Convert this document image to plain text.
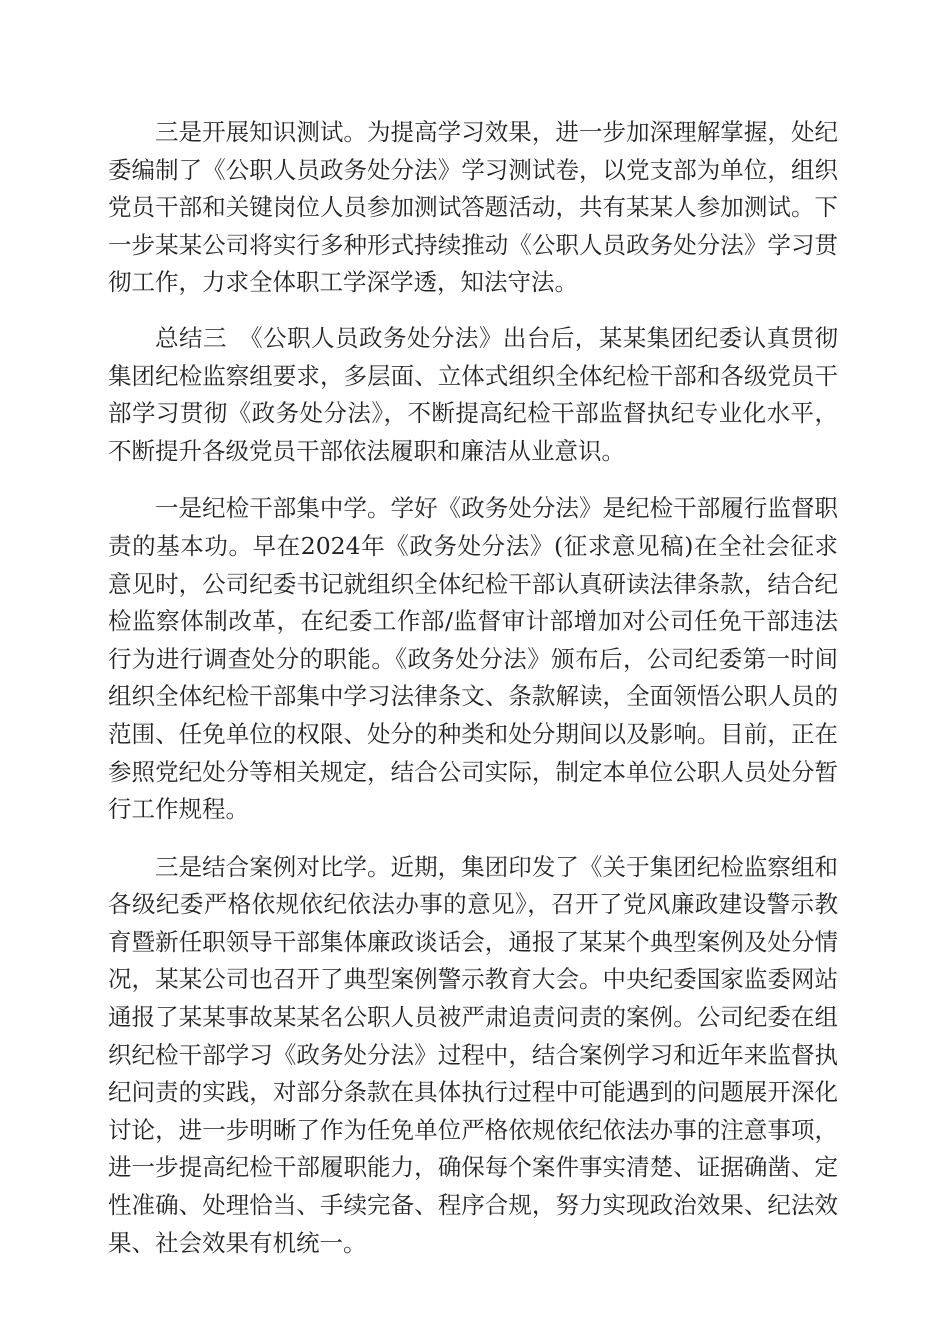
三是开展知识测试。为提高学习效果，进一步加深理解掌握，处纪委编制了《公职人员政务处分法》学习测试卷，以党支部为单位，组织党员干部和关键岗位人员参加测试答题活动，共有某某人参加测试。下一步某某公司将实行多种形式持续推动《公职人员政务处分法》学习贯彻工作，力求全体职工学深学透，知法守法。

总结三　《公职人员政务处分法》出台后，某某集团纪委认真贯彻集团纪检监察组要求，多层面、立体式组织全体纪检干部和各级党员干部学习贯彻《政务处分法》，不断提高纪检干部监督执纪专业化水平，不断提升各级党员干部依法履职和廉洁从业意识。

一是纪检干部集中学。学好《政务处分法》是纪检干部履行监督职责的基本功。早在2024年《政务处分法》(征求意见稿)在全社会征求意见时，公司纪委书记就组织全体纪检干部认真研读法律条款，结合纪检监察体制改革，在纪委工作部/监督审计部增加对公司任免干部违法行为进行调查处分的职能。《政务处分法》颁布后，公司纪委第一时间组织全体纪检干部集中学习法律条文、条款解读，全面领悟公职人员的范围、任免单位的权限、处分的种类和处分期间以及影响。目前，正在参照党纪处分等相关规定，结合公司实际，制定本单位公职人员处分暂行工作规程。

三是结合案例对比学。近期，集团印发了《关于集团纪检监察组和各级纪委严格依规依纪依法办事的意见》，召开了党风廉政建设警示教育暨新任职领导干部集体廉政谈话会，通报了某某个典型案例及处分情况，某某公司也召开了典型案例警示教育大会。中央纪委国家监委网站通报了某某事故某某名公职人员被严肃追责问责的案例。公司纪委在组织纪检干部学习《政务处分法》过程中，结合案例学习和近年来监督执纪问责的实践，对部分条款在具体执行过程中可能遇到的问题展开深化讨论，进一步明晰了作为任免单位严格依规依纪依法办事的注意事项，进一步提高纪检干部履职能力，确保每个案件事实清楚、证据确凿、定性准确、处理恰当、手续完备、程序合规，努力实现政治效果、纪法效果、社会效果有机统一。
